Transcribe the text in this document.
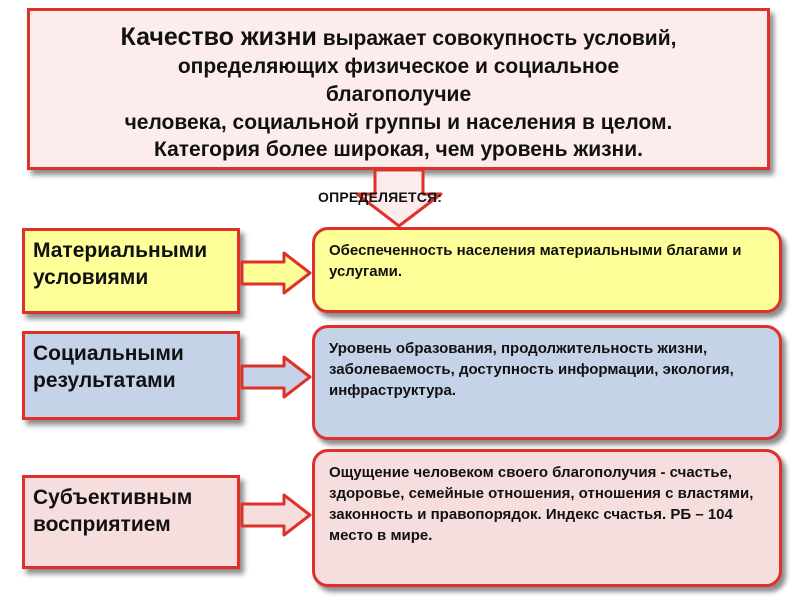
Качество жизни выражает совокупность условий,
определяющих физическое и социальное
благополучие
человека, социальной группы и населения в целом.
Категория более широкая, чем уровень жизни.
ОПРЕДЕЛЯЕТСЯ:
Материальными условиями
Обеспеченность населения материальными благами и услугами.
Социальными результатами
Уровень образования, продолжительность жизни, заболеваемость, доступность информации, экология, инфраструктура.
Субъективным восприятием
Ощущение человеком своего благополучия - счастье, здоровье, семейные отношения, отношения с властями, законность и правопорядок. Индекс счастья. РБ – 104 место в мире.
